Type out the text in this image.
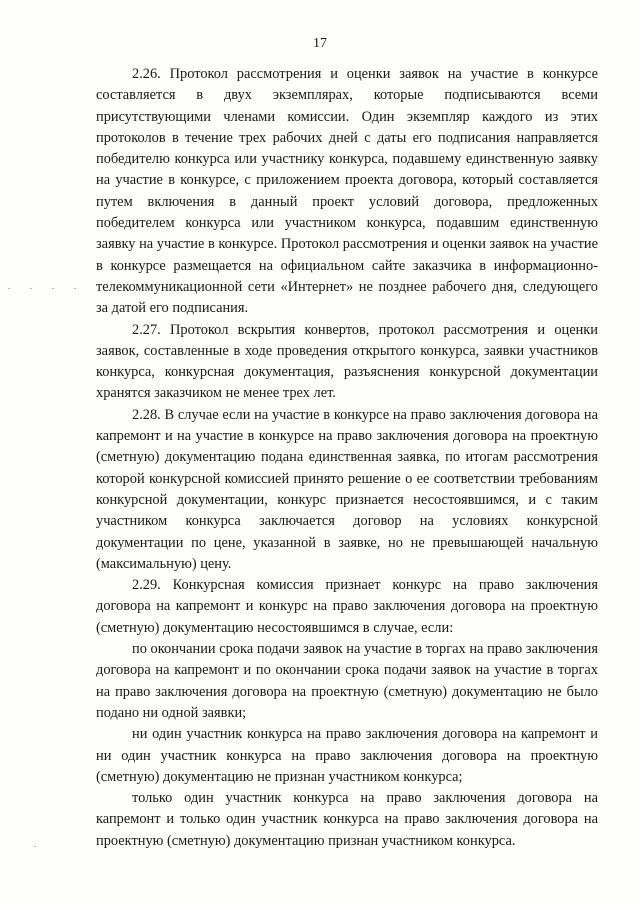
17

2.26. Протокол рассмотрения и оценки заявок на участие в конкурсе составляется в двух экземплярах, которые подписываются всеми присутствующими членами комиссии. Один экземпляр каждого из этих протоколов в течение трех рабочих дней с даты его подписания направляется победителю конкурса или участнику конкурса, подавшему единственную заявку на участие в конкурсе, с приложением проекта договора, который составляется путем включения в данный проект условий договора, предложенных победителем конкурса или участником конкурса, подавшим единственную заявку на участие в конкурсе. Протокол рассмотрения и оценки заявок на участие в конкурсе размещается на официальном сайте заказчика в информационно-телекоммуникационной сети «Интернет» не позднее рабочего дня, следующего за датой его подписания.

2.27. Протокол вскрытия конвертов, протокол рассмотрения и оценки заявок, составленные в ходе проведения открытого конкурса, заявки участников конкурса, конкурсная документация, разъяснения конкурсной документации хранятся заказчиком не менее трех лет.

2.28. В случае если на участие в конкурсе на право заключения договора на капремонт и на участие в конкурсе на право заключения договора на проектную (сметную) документацию подана единственная заявка, по итогам рассмотрения которой конкурсной комиссией принято решение о ее соответствии требованиям конкурсной документации, конкурс признается несостоявшимся, и с таким участником конкурса заключается договор на условиях конкурсной документации по цене, указанной в заявке, но не превышающей начальную (максимальную) цену.

2.29. Конкурсная комиссия признает конкурс на право заключения договора на капремонт и конкурс на право заключения договора на проектную (сметную) документацию несостоявшимся в случае, если:

по окончании срока подачи заявок на участие в торгах на право заключения договора на капремонт и по окончании срока подачи заявок на участие в торгах на право заключения договора на проектную (сметную) документацию не было подано ни одной заявки;

ни один участник конкурса на право заключения договора на капремонт и ни один участник конкурса на право заключения договора на проектную (сметную) документацию не признан участником конкурса;

только один участник конкурса на право заключения договора на капремонт и только один участник конкурса на право заключения договора на проектную (сметную) документацию признан участником конкурса.
